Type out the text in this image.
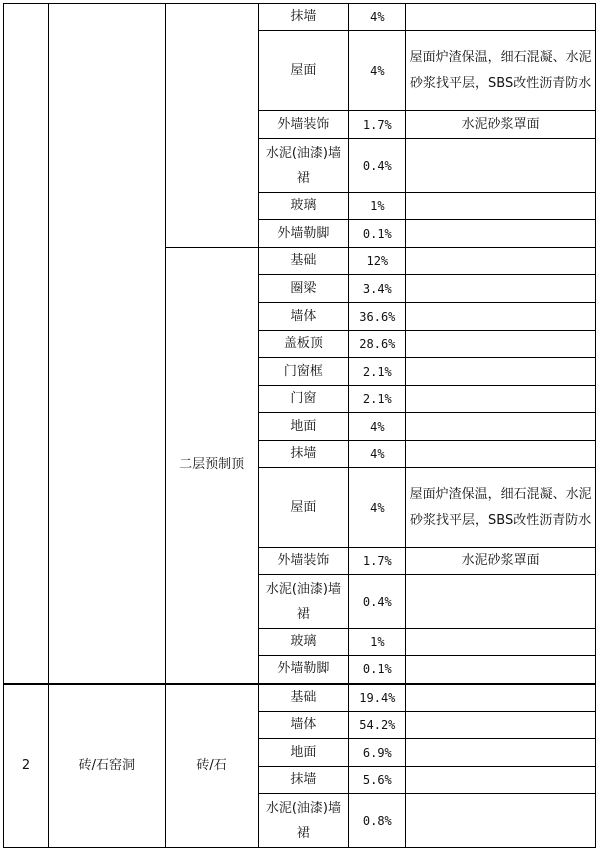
			抹墙	4%	
			屋面	4%	屋面炉渣保温，细石混凝、水泥砂浆找平层，SBS改性沥青防水
			外墙装饰	1.7%	水泥砂浆罩面
			水泥(油漆)墙裙	0.4%	
			玻璃	1%	
			外墙勒脚	0.1%	
		二层预制顶	基础	12%	
			圈梁	3.4%	
			墙体	36.6%	
			盖板顶	28.6%	
			门窗框	2.1%	
			门窗	2.1%	
			地面	4%	
			抹墙	4%	
			屋面	4%	屋面炉渣保温，细石混凝、水泥砂浆找平层，SBS改性沥青防水
			外墙装饰	1.7%	水泥砂浆罩面
			水泥(油漆)墙裙	0.4%	
			玻璃	1%	
			外墙勒脚	0.1%	
2	砖/石窑洞	砖/石	基础	19.4%	
			墙体	54.2%	
			地面	6.9%	
			抹墙	5.6%	
			水泥(油漆)墙裙	0.8%	
